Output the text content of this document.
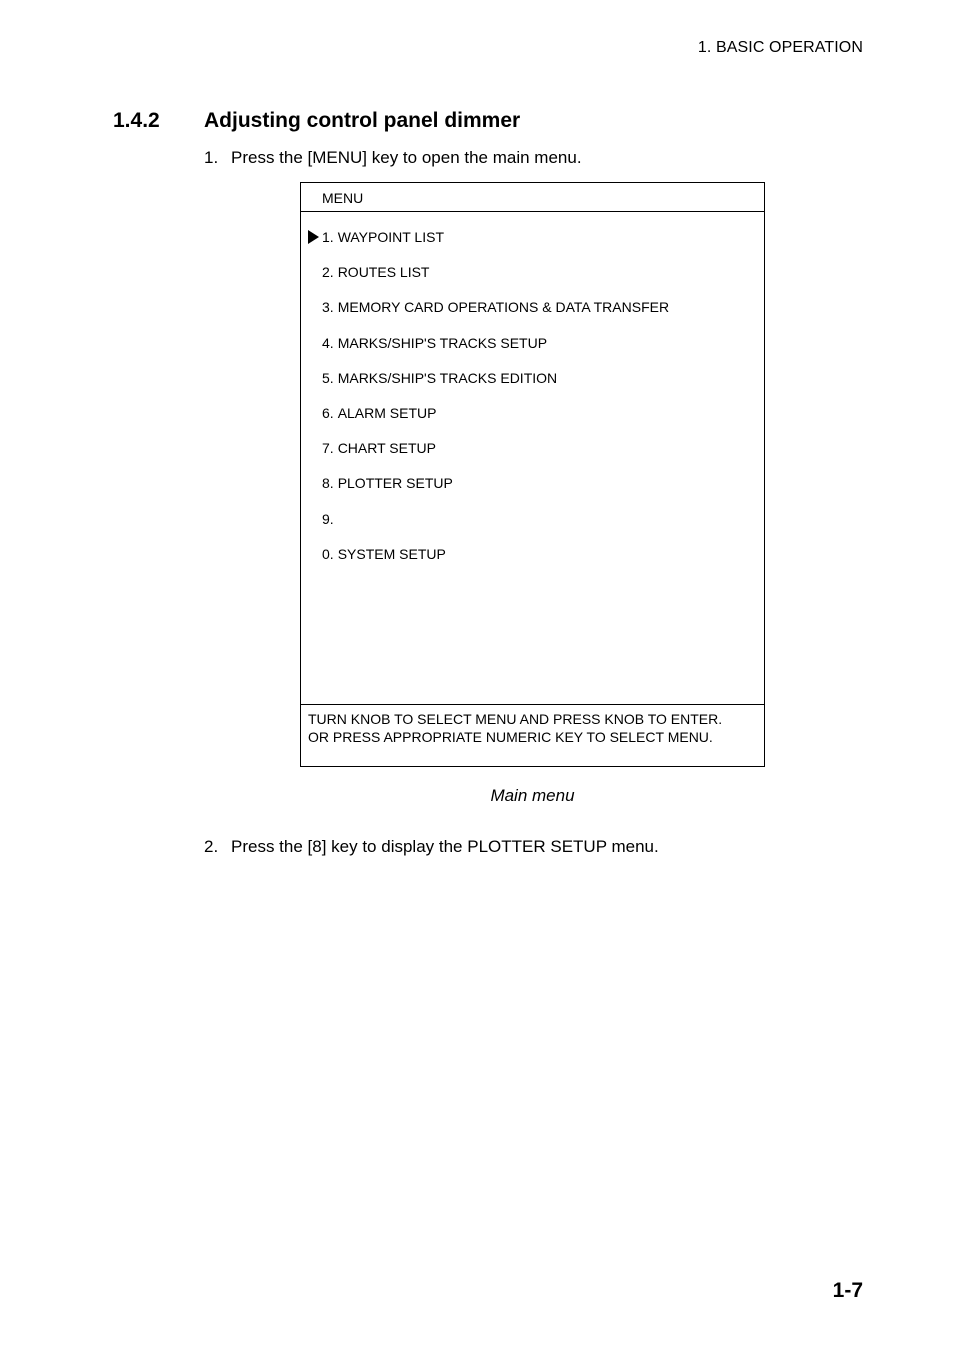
1. BASIC OPERATION
1.4.2 Adjusting control panel dimmer
1. Press the [MENU] key to open the main menu.
MENU
1. WAYPOINT LIST
2. ROUTES LIST
3. MEMORY CARD OPERATIONS & DATA TRANSFER
4. MARKS/SHIP'S TRACKS SETUP
5. MARKS/SHIP'S TRACKS EDITION
6. ALARM SETUP
7. CHART SETUP
8. PLOTTER SETUP
9.
0. SYSTEM SETUP
TURN KNOB TO SELECT MENU AND PRESS KNOB TO ENTER.
OR PRESS APPROPRIATE NUMERIC KEY TO SELECT MENU.
Main menu
2. Press the [8] key to display the PLOTTER SETUP menu.
1-7
